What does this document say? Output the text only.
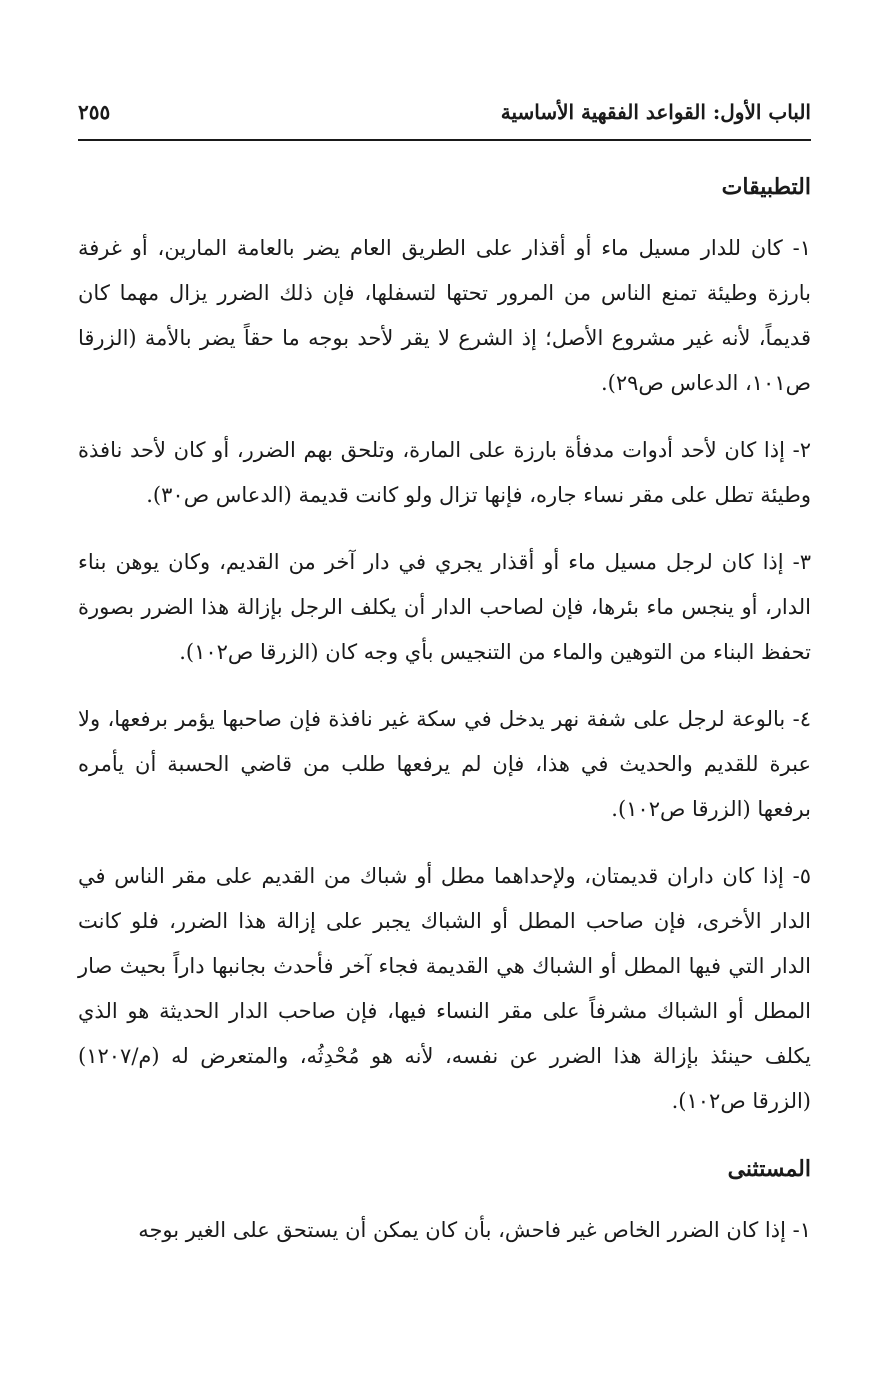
الباب الأول: القواعد الفقهية الأساسية
٢٥٥
التطبيقات

١- كان للدار مسيل ماء أو أقذار على الطريق العام يضر بالعامة المارين، أو غرفة بارزة وطيئة تمنع الناس من المرور تحتها لتسفلها، فإن ذلك الضرر يزال مهما كان قديماً، لأنه غير مشروع الأصل؛ إذ الشرع لا يقر لأحد بوجه ما حقاً يضر بالأمة (الزرقا ص١٠١، الدعاس ص٢٩).

٢- إذا كان لأحد أدوات مدفأة بارزة على المارة، وتلحق بهم الضرر، أو كان لأحد نافذة وطيئة تطل على مقر نساء جاره، فإنها تزال ولو كانت قديمة (الدعاس ص٣٠).

٣- إذا كان لرجل مسيل ماء أو أقذار يجري في دار آخر من القديم، وكان يوهن بناء الدار، أو ينجس ماء بئرها، فإن لصاحب الدار أن يكلف الرجل بإزالة هذا الضرر بصورة تحفظ البناء من التوهين والماء من التنجيس بأي وجه كان (الزرقا ص١٠٢).

٤- بالوعة لرجل على شفة نهر يدخل في سكة غير نافذة فإن صاحبها يؤمر برفعها، ولا عبرة للقديم والحديث في هذا، فإن لم يرفعها طلب من قاضي الحسبة أن يأمره برفعها (الزرقا ص١٠٢).

٥- إذا كان داران قديمتان، ولإحداهما مطل أو شباك من القديم على مقر الناس في الدار الأخرى، فإن صاحب المطل أو الشباك يجبر على إزالة هذا الضرر، فلو كانت الدار التي فيها المطل أو الشباك هي القديمة فجاء آخر فأحدث بجانبها داراً بحيث صار المطل أو الشباك مشرفاً على مقر النساء فيها، فإن صاحب الدار الحديثة هو الذي يكلف حينئذ بإزالة هذا الضرر عن نفسه، لأنه هو مُحْدِثُه، والمتعرض له (م/١٢٠٧) (الزرقا ص١٠٢).

المستثنى

١- إذا كان الضرر الخاص غير فاحش، بأن كان يمكن أن يستحق على الغير بوجه
